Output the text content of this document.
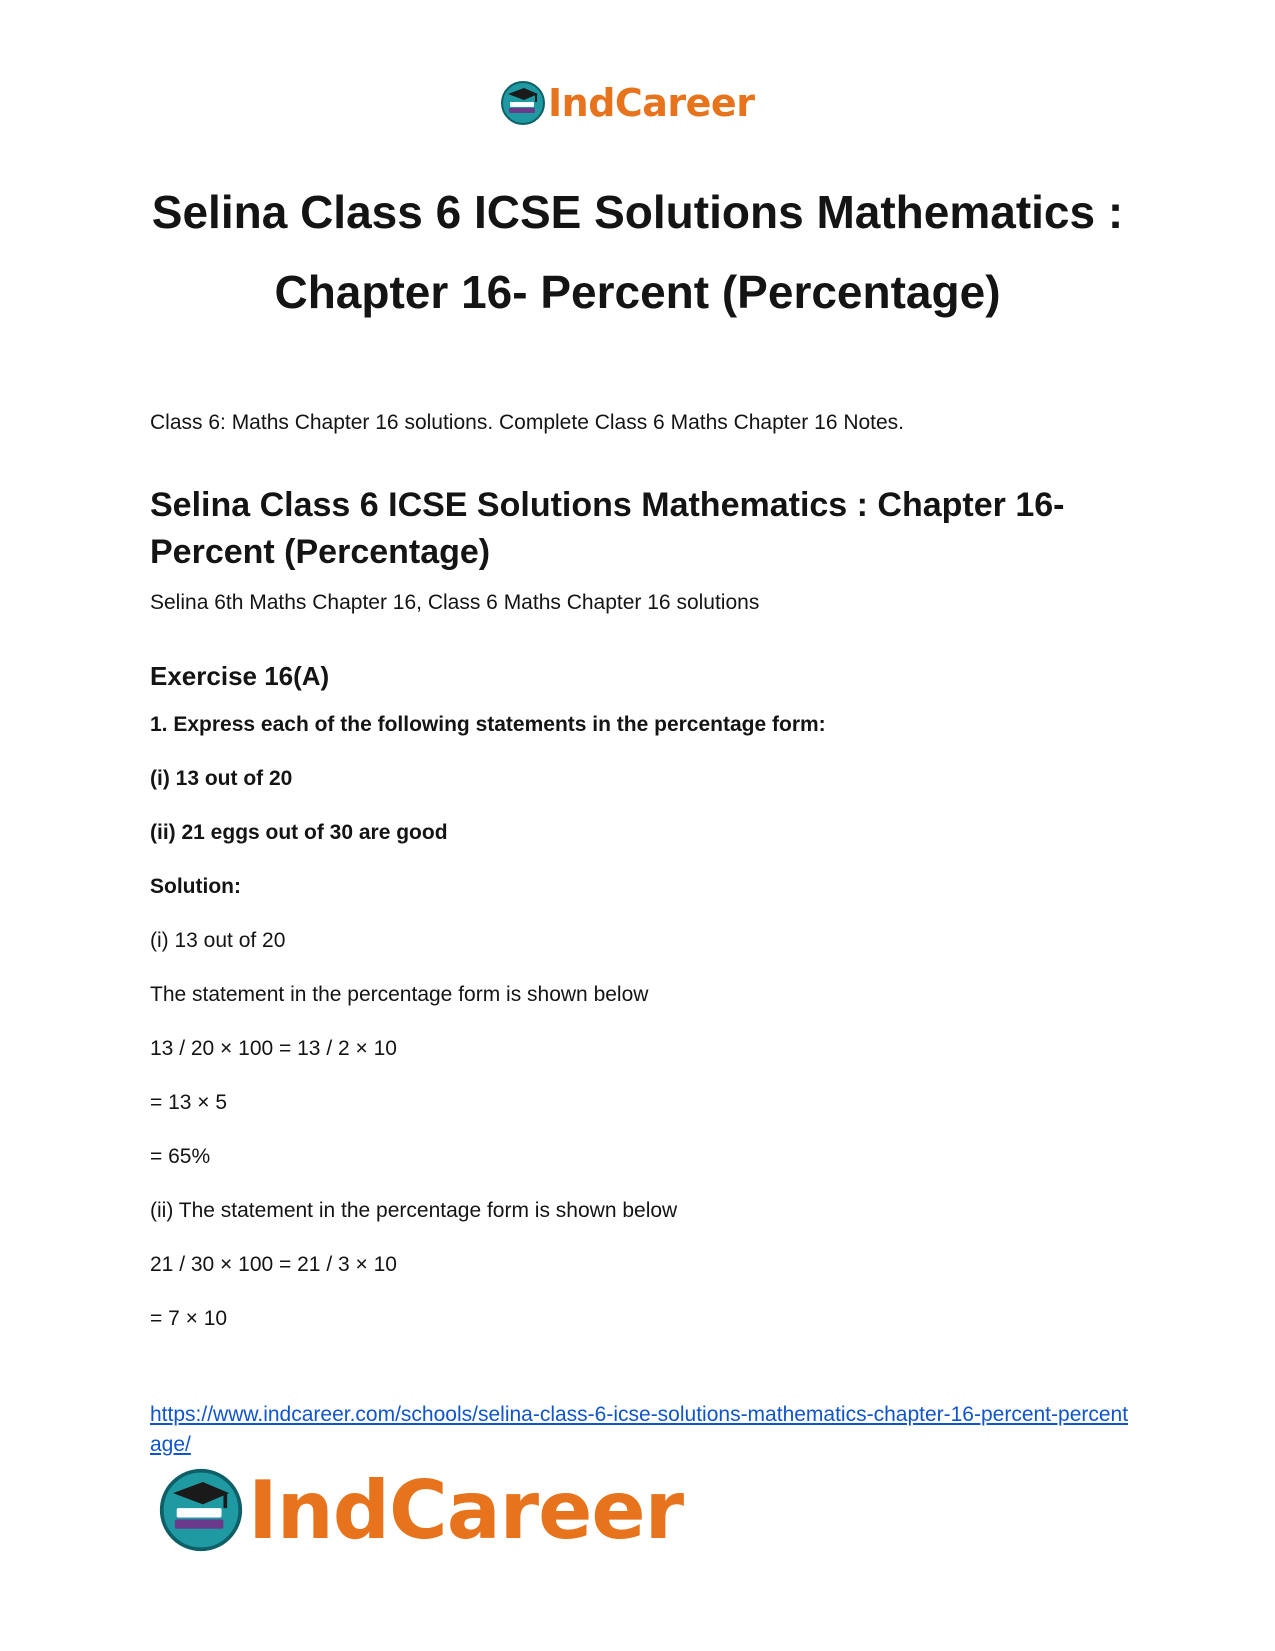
IndCareer
Selina Class 6 ICSE Solutions Mathematics : Chapter 16- Percent (Percentage)
Class 6: Maths Chapter 16 solutions. Complete Class 6 Maths Chapter 16 Notes.
Selina Class 6 ICSE Solutions Mathematics : Chapter 16- Percent (Percentage)
Selina 6th Maths Chapter 16, Class 6 Maths Chapter 16 solutions
Exercise 16(A)
1. Express each of the following statements in the percentage form:
(i) 13 out of 20
(ii) 21 eggs out of 30 are good
Solution:
(i) 13 out of 20
The statement in the percentage form is shown below
13 / 20 × 100 = 13 / 2 × 10
= 13 × 5
= 65%
(ii) The statement in the percentage form is shown below
21 / 30 × 100 = 21 / 3 × 10
= 7 × 10
https://www.indcareer.com/schools/selina-class-6-icse-solutions-mathematics-chapter-16-percent-percentage/
IndCareer
